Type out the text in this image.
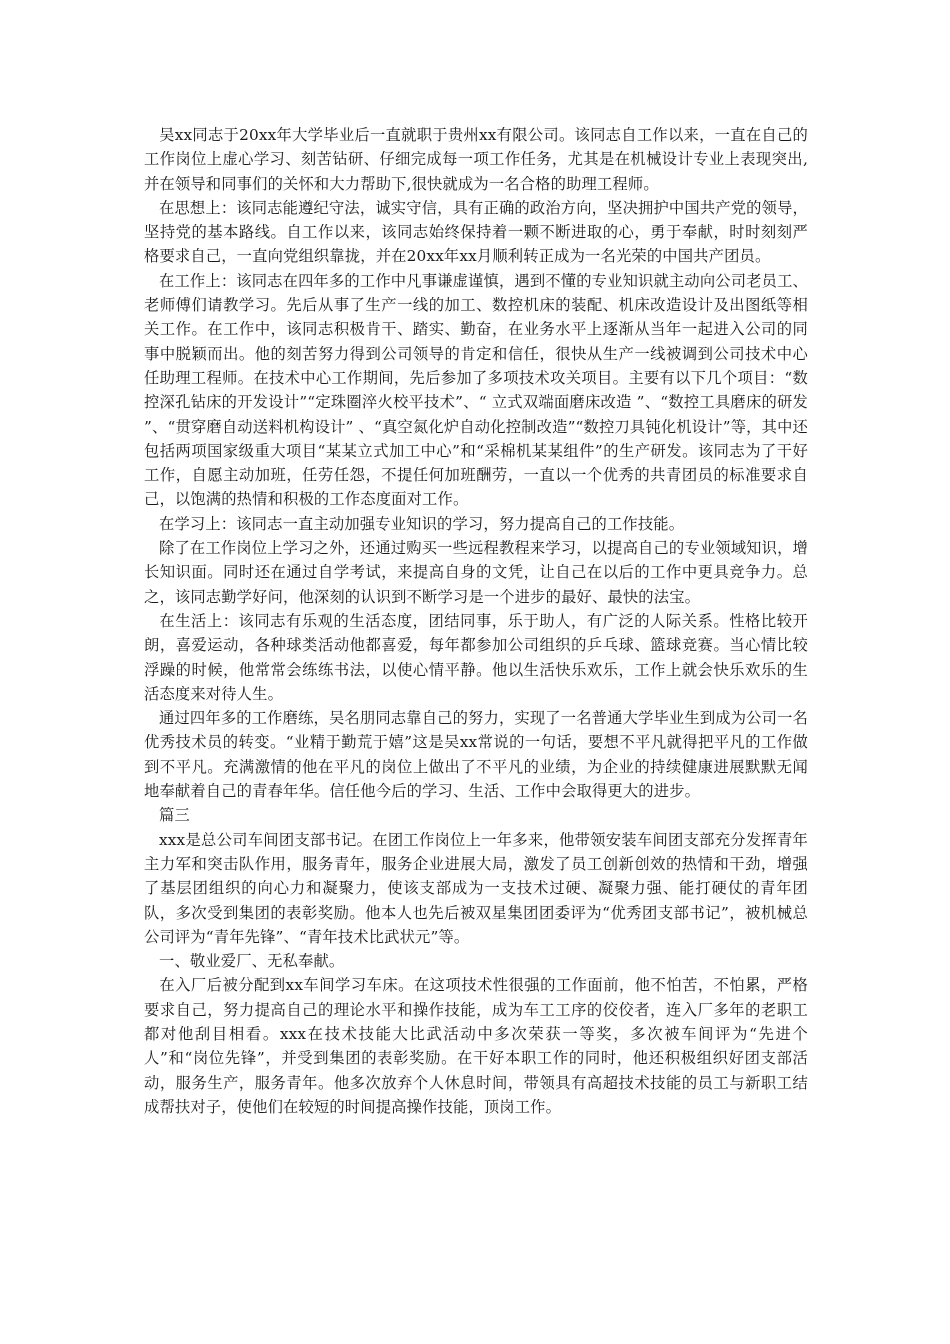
吴xx同志于20xx年大学毕业后一直就职于贵州xx有限公司。该同志自工作以来，一直在自己的工作岗位上虚心学习、刻苦钻研、仔细完成每一项工作任务，尤其是在机械设计专业上表现突出,并在领导和同事们的关怀和大力帮助下,很快就成为一名合格的助理工程师。

在思想上：该同志能遵纪守法，诚实守信，具有正确的政治方向，坚决拥护中国共产党的领导，坚持党的基本路线。自工作以来，该同志始终保持着一颗不断进取的心，勇于奉献，时时刻刻严格要求自己，一直向党组织靠拢，并在20xx年xx月顺利转正成为一名光荣的中国共产团员。

在工作上：该同志在四年多的工作中凡事谦虚谨慎，遇到不懂的专业知识就主动向公司老员工、老师傅们请教学习。先后从事了生产一线的加工、数控机床的装配、机床改造设计及出图纸等相关工作。在工作中，该同志积极肯干、踏实、勤奋，在业务水平上逐渐从当年一起进入公司的同事中脱颖而出。他的刻苦努力得到公司领导的肯定和信任，很快从生产一线被调到公司技术中心任助理工程师。在技术中心工作期间，先后参加了多项技术攻关项目。主要有以下几个项目：“数控深孔钻床的开发设计”“定珠圈淬火校平技术”、“ 立式双端面磨床改造 ”、“数控工具磨床的研发 ”、“贯穿磨自动送料机构设计” 、“真空氮化炉自动化控制改造”“数控刀具钝化机设计”等，其中还包括两项国家级重大项目“某某立式加工中心”和“采棉机某某组件”的生产研发。该同志为了干好工作，自愿主动加班，任劳任怨，不提任何加班酬劳，一直以一个优秀的共青团员的标准要求自己，以饱满的热情和积极的工作态度面对工作。

在学习上：该同志一直主动加强专业知识的学习，努力提高自己的工作技能。

除了在工作岗位上学习之外，还通过购买一些远程教程来学习，以提高自己的专业领域知识，增长知识面。同时还在通过自学考试，来提高自身的文凭，让自己在以后的工作中更具竞争力。总之，该同志勤学好问，他深刻的认识到不断学习是一个进步的最好、最快的法宝。

在生活上：该同志有乐观的生活态度，团结同事，乐于助人，有广泛的人际关系。性格比较开朗，喜爱运动，各种球类活动他都喜爱，每年都参加公司组织的乒乓球、篮球竞赛。当心情比较浮躁的时候，他常常会练练书法，以使心情平静。他以生活快乐欢乐，工作上就会快乐欢乐的生活态度来对待人生。

通过四年多的工作磨练，吴名朋同志靠自己的努力，实现了一名普通大学毕业生到成为公司一名优秀技术员的转变。“业精于勤荒于嬉”这是吴xx常说的一句话，要想不平凡就得把平凡的工作做到不平凡。充满激情的他在平凡的岗位上做出了不平凡的业绩，为企业的持续健康进展默默无闻地奉献着自己的青春年华。信任他今后的学习、生活、工作中会取得更大的进步。

篇三

xxx是总公司车间团支部书记。在团工作岗位上一年多来，他带领安装车间团支部充分发挥青年主力军和突击队作用，服务青年，服务企业进展大局，激发了员工创新创效的热情和干劲，增强了基层团组织的向心力和凝聚力，使该支部成为一支技术过硬、凝聚力强、能打硬仗的青年团队，多次受到集团的表彰奖励。他本人也先后被双星集团团委评为“优秀团支部书记”，被机械总公司评为“青年先锋”、“青年技术比武状元”等。

一、敬业爱厂、无私奉献。

在入厂后被分配到xx车间学习车床。在这项技术性很强的工作面前，他不怕苦，不怕累，严格要求自己，努力提高自己的理论水平和操作技能，成为车工工序的佼佼者，连入厂多年的老职工都对他刮目相看。xxx在技术技能大比武活动中多次荣获一等奖，多次被车间评为“先进个人”和“岗位先锋”，并受到集团的表彰奖励。在干好本职工作的同时，他还积极组织好团支部活动，服务生产，服务青年。他多次放弃个人休息时间，带领具有高超技术技能的员工与新职工结成帮扶对子，使他们在较短的时间提高操作技能，顶岗工作。
